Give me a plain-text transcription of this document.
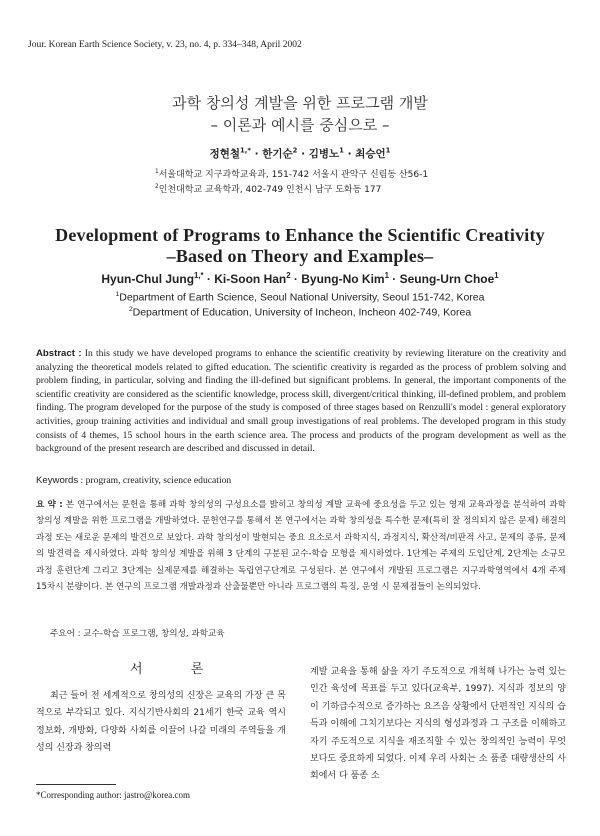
Jour. Korean Earth Science Society, v. 23, no. 4, p. 334–348, April 2002
과학 창의성 계발을 위한 프로그램 개발
– 이론과 예시를 중심으로 –
정현철$^{1,*}$ · 한기순$^2$ · 김병노$^1$ · 최승언$^1$
$^1$서울대학교 지구과학교육과, 151-742 서울시 관악구 신림동 산56-1
$^2$인천대학교 교육학과, 402-749 인천시 남구 도화동 177
Development of Programs to Enhance the Scientific Creativity
–Based on Theory and Examples–
Hyun-Chul Jung$^{1,*}$ · Ki-Soon Han$^2$ · Byung-No Kim$^1$ · Seung-Urn Choe$^1$
$^1$Department of Earth Science, Seoul National University, Seoul 151-742, Korea
$^2$Department of Education, University of Incheon, Incheon 402-749, Korea
Abstract : In this study we have developed programs to enhance the scientific creativity by reviewing literature on the creativity and analyzing the theoretical models related to gifted education. The scientific creativity is regarded as the process of problem solving and problem finding, in particular, solving and finding the ill-defined but significant problems. In general, the important components of the scientific creativity are considered as the scientific knowledge, process skill, divergent/critical thinking, ill-defined problem, and problem finding. The program developed for the purpose of the study is composed of three stages based on Renzulli's model : general exploratory activities, group training activities and individual and small group investigations of real problems. The developed program in this study consists of 4 themes, 15 school hours in the earth science area. The process and products of the program development as well as the background of the present research are described and discussed in detail.
Keywords : program, creativity, science education
요 약 : 본 연구에서는 문헌을 통해 과학 창의성의 구성요소를 밝히고 창의성 계발 교육에 중요성을 두고 있는 영재 교육과정을 분석하여 과학 창의성 계발을 위한 프로그램을 개발하였다. 문헌연구를 통해서 본 연구에서는 과학 창의성을 특수한 문제(특히 잘 정의되지 않은 문제) 해결의 과정 또는 새로운 문제의 발견으로 보았다. 과학 창의성이 발현되는 중요 요소로서 과학지식, 과정지식, 확산적/비판적 사고, 문제의 종류, 문제의 발견력을 제시하였다. 과학 창의성 계발을 위해 3 단계의 구분된 교수-학습 모형을 제시하였다. 1단계는 주제의 도입단계, 2단계는 소규모 과정 훈련단계 그리고 3단계는 실제문제를 해결하는 독립연구단계로 구성된다. 본 연구에서 개발된 프로그램은 지구과학영역에서 4개 주제 15차시 분량이다. 본 연구의 프로그램 개발과정과 산출물뿐만 아니라 프로그램의 특징, 운영 시 문제점들이 논의되었다.
주요어 : 교수-학습 프로그램, 창의성, 과학교육
서 론
최근 들어 전 세계적으로 창의성의 신장은 교육의 가장 큰 목적으로 부각되고 있다. 지식기반사회의 21세기 한국 교육 역시 정보화, 개방화, 다양화 사회를 이끌어 나갈 미래의 주역들을 개성의 신장과 창의력
계발 교육을 통해 삶을 자기 주도적으로 개척해 나가는 능력 있는 인간 육성에 목표를 두고 있다(교육부, 1997). 지식과 정보의 양이 기하급수적으로 증가하는 요즈음 상황에서 단편적인 지식의 습득과 이해에 그치기보다는 지식의 형성과정과 그 구조를 이해하고 자기 주도적으로 지식을 재조직할 수 있는 창의적인 능력이 무엇보다도 중요하게 되었다. 이제 우리 사회는 소 품종 대량생산의 사회에서 다 품종 소
*Corresponding author: jastro@korea.com
